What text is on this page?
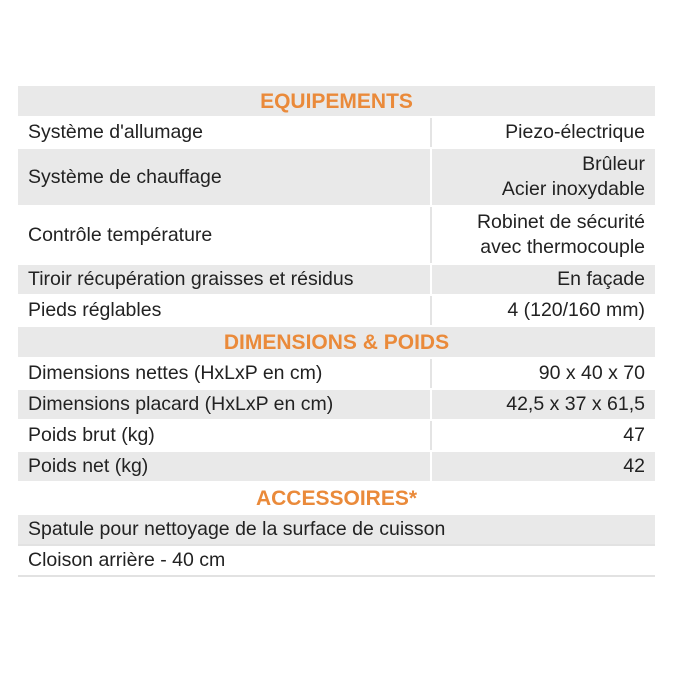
EQUIPEMENTS	
Système d'allumage	Piezo-électrique
Système de chauffage	Brûleur
Acier inoxydable

Contrôle température	Robinet de sécurité
avec thermocouple

Tiroir récupération graisses et résidus	En façade
Pieds réglables	4 (120/160 mm)
DIMENSIONS & POIDS	
Dimensions nettes (HxLxP en cm)	90 x 40 x 70
Dimensions placard (HxLxP en cm)	42,5 x 37 x 61,5
Poids brut (kg)	47
Poids net (kg)	42
ACCESSOIRES*	
Spatule pour nettoyage de la surface de cuisson	
Cloison arrière - 40 cm	
